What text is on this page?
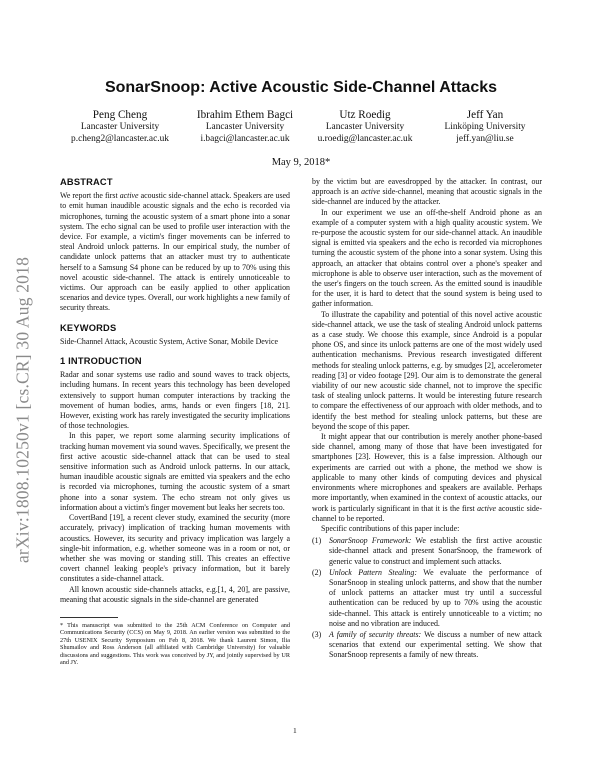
arXiv:1808.10250v1 [cs.CR] 30 Aug 2018
SonarSnoop: Active Acoustic Side-Channel Attacks
Peng Cheng
Lancaster University
p.cheng2@lancaster.ac.uk
Ibrahim Ethem Bagci
Lancaster University
i.bagci@lancaster.ac.uk
Utz Roedig
Lancaster University
u.roedig@lancaster.ac.uk
Jeff Yan
Linköping University
jeff.yan@liu.se
May 9, 2018*
ABSTRACT

We report the first active acoustic side-channel attack. Speakers are used to emit human inaudible acoustic signals and the echo is recorded via microphones, turning the acoustic system of a smart phone into a sonar system. The echo signal can be used to profile user interaction with the device. For example, a victim's finger movements can be inferred to steal Android unlock patterns. In our empirical study, the number of candidate unlock patterns that an attacker must try to authenticate herself to a Samsung S4 phone can be reduced by up to 70% using this novel acoustic side-channel. The attack is entirely unnoticeable to victims. Our approach can be easily applied to other application scenarios and device types. Overall, our work highlights a new family of security threats.

KEYWORDS

Side-Channel Attack, Acoustic System, Active Sonar, Mobile Device

1 INTRODUCTION

Radar and sonar systems use radio and sound waves to track objects, including humans. In recent years this technology has been developed extensively to support human computer interactions by tracking the movement of human bodies, arms, hands or even fingers [18, 21]. However, existing work has rarely investigated the security implications of those technologies.

In this paper, we report some alarming security implications of tracking human movement via sound waves. Specifically, we present the first active acoustic side-channel attack that can be used to steal sensitive information such as Android unlock patterns. In our attack, human inaudible acoustic signals are emitted via speakers and the echo is recorded via microphones, turning the acoustic system of a smart phone into a sonar system. The echo stream not only gives us information about a victim's finger movement but leaks her secrets too.

CovertBand [19], a recent clever study, examined the security (more accurately, privacy) implication of tracking human movements with acoustics. However, its security and privacy implication was largely a single-bit information, e.g. whether someone was in a room or not, or whether she was moving or standing still. This creates an effective covert channel leaking people's privacy information, but it barely constitutes a side-channel attack.

All known acoustic side-channels attacks, e.g.[1, 4, 20], are passive, meaning that acoustic signals in the side-channel are generated

* This manuscript was submitted to the 25th ACM Conference on Computer and Communications Security (CCS) on May 9, 2018. An earlier version was submitted to the 27th USENIX Security Symposium on Feb 8, 2018. We thank Laurent Simon, Ilia Shumailov and Ross Anderson (all affiliated with Cambridge University) for valuable discussions and suggestions. This work was conceived by JY, and jointly supervised by UR and JY.

by the victim but are eavesdropped by the attacker. In contrast, our approach is an active side-channel, meaning that acoustic signals in the side-channel are induced by the attacker.

In our experiment we use an off-the-shelf Android phone as an example of a computer system with a high quality acoustic system. We re-purpose the acoustic system for our side-channel attack. An inaudible signal is emitted via speakers and the echo is recorded via microphones turning the acoustic system of the phone into a sonar system. Using this approach, an attacker that obtains control over a phone's speaker and microphone is able to observe user interaction, such as the movement of the user's fingers on the touch screen. As the emitted sound is inaudible for the user, it is hard to detect that the sound system is being used to gather information.

To illustrate the capability and potential of this novel active acoustic side-channel attack, we use the task of stealing Android unlock patterns as a case study. We choose this example, since Android is a popular phone OS, and since its unlock patterns are one of the most widely used authentication mechanisms. Previous research investigated different methods for stealing unlock patterns, e.g. by smudges [2], accelerometer reading [3] or video footage [29]. Our aim is to demonstrate the general viability of our new acoustic side channel, not to improve the specific task of stealing unlock patterns. It would be interesting future research to compare the effectiveness of our approach with older methods, and to identify the best method for stealing unlock patterns, but these are beyond the scope of this paper.

It might appear that our contribution is merely another phone-based side channel, among many of those that have been investigated for smartphones [23]. However, this is a false impression. Although our experiments are carried out with a phone, the method we show is applicable to many other kinds of computing devices and physical environments where microphones and speakers are available. Perhaps more importantly, when examined in the context of acoustic attacks, our work is particularly significant in that it is the first active acoustic side-channel to be reported.

Specific contributions of this paper include:

(1) SonarSnoop Framework: We establish the first active acoustic side-channel attack and present SonarSnoop, the framework of generic value to construct and implement such attacks.
(2) Unlock Pattern Stealing: We evaluate the performance of SonarSnoop in stealing unlock patterns, and show that the number of unlock patterns an attacker must try until a successful authentication can be reduced by up to 70% using the acoustic side-channel. This attack is entirely unnoticeable to a victim; no noise and no vibration are induced.
(3) A family of security threats: We discuss a number of new attack scenarios that extend our experimental setting. We show that SonarSnoop represents a family of new threats.
1
